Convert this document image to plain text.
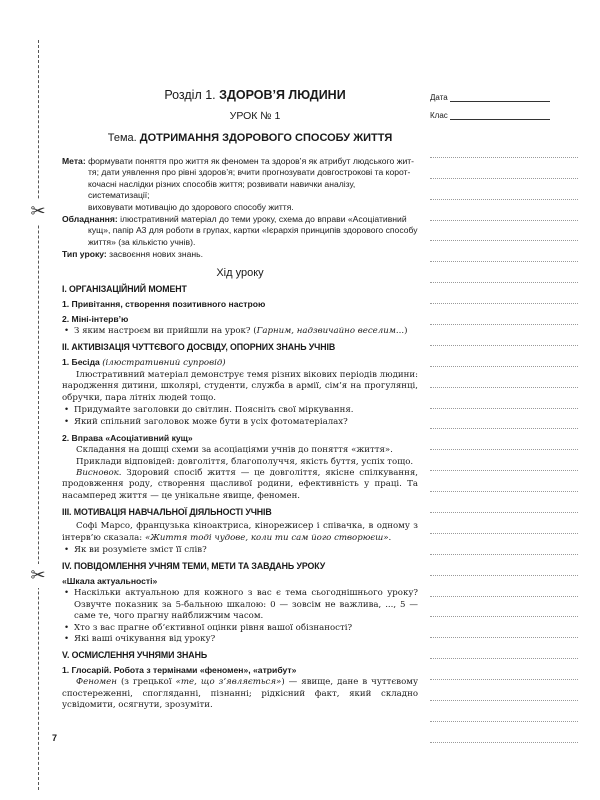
✂
✂
Розділ 1. ЗДОРОВ’Я ЛЮДИНИ
УРОК № 1
Тема. ДОТРИМАННЯ ЗДОРОВОГО СПОСОБУ ЖИТТЯ
Мета: формувати поняття про життя як феномен та здоров’я як атрибут людського жит-
тя; дати уявлення про рівні здоров’я; вчити прогнозувати довгострокові та корот-
кочасні наслідки різних способів життя; розвивати навички аналізу, систематизації;
виховувати мотивацію до здорового способу життя.
Обладнання: ілюстративний матеріал до теми уроку, схема до вправи «Асоціативний
кущ», папір А3 для роботи в групах, картки «Ієрархія принципів здорового способу
життя» (за кількістю учнів).
Тип уроку: засвоєння нових знань.
Хід уроку
І. ОРГАНІЗАЦІЙНИЙ МОМЕНТ
1. Привітання, створення позитивного настрою
2. Міні-інтерв’ю
• З яким настроєм ви прийшли на урок? (Гарним, надзвичайно веселим...)
ІІ. АКТИВІЗАЦІЯ ЧУТТЄВОГО ДОСВІДУ, ОПОРНИХ ЗНАНЬ УЧНІВ
1. Бесіда (ілюстративний супровід)

Ілюстративний матеріал демонструє темя різних вікових періодів людини: народження дитини, школярі, студенти, служба в армії, сім’я на прогулянці, обручки, пара літніх людей тощо.

• Придумайте заголовки до світлин. Поясніть свої міркування.
• Який спільний заголовок може бути в усіх фотоматеріалах?
2. Вправа «Асоціативний кущ»

Складання на дошці схеми за асоціаціями учнів до поняття «життя».

Приклади відповідей: довголіття, благополуччя, якість буття, успіх тощо.

Висновок. Здоровий спосіб життя — це довголіття, якісне спілкування, продовження роду, створення щасливої родини, ефективність у праці. Та насамперед життя — це унікальне явище, феномен.

ІІІ. МОТИВАЦІЯ НАВЧАЛЬНОЇ ДІЯЛЬНОСТІ УЧНІВ

Софі Марсо, французька кіноактриса, кінорежисер і співачка, в одному з інтерв’ю сказала: «Життя тоді чудове, коли ти сам його створюєш».

• Як ви розумієте зміст її слів?
IV. ПОВІДОМЛЕННЯ УЧНЯМ ТЕМИ, МЕТИ ТА ЗАВДАНЬ УРОКУ
«Шкала актуальності»
• Наскільки актуальною для кожного з вас є тема сьогоднішнього уроку? Озвучте показник за 5-бальною шкалою: 0 — зовсім не важлива, ..., 5 — саме те, чого прагну найближчим часом.
• Хто з вас прагне об’єктивної оцінки рівня вашої обізнаності?
• Які ваші очікування від уроку?
V. ОСМИСЛЕННЯ УЧНЯМИ ЗНАНЬ
1. Глосарій. Робота з термінами «феномен», «атрибут»

Феномен (з грецької «те, що з’являється») — явище, дане в чуттєвому спостереженні, спогляданні, пізнанні; рідкісний факт, який складно усвідомити, осягнути, зрозуміти.

7
Дата
Клас
